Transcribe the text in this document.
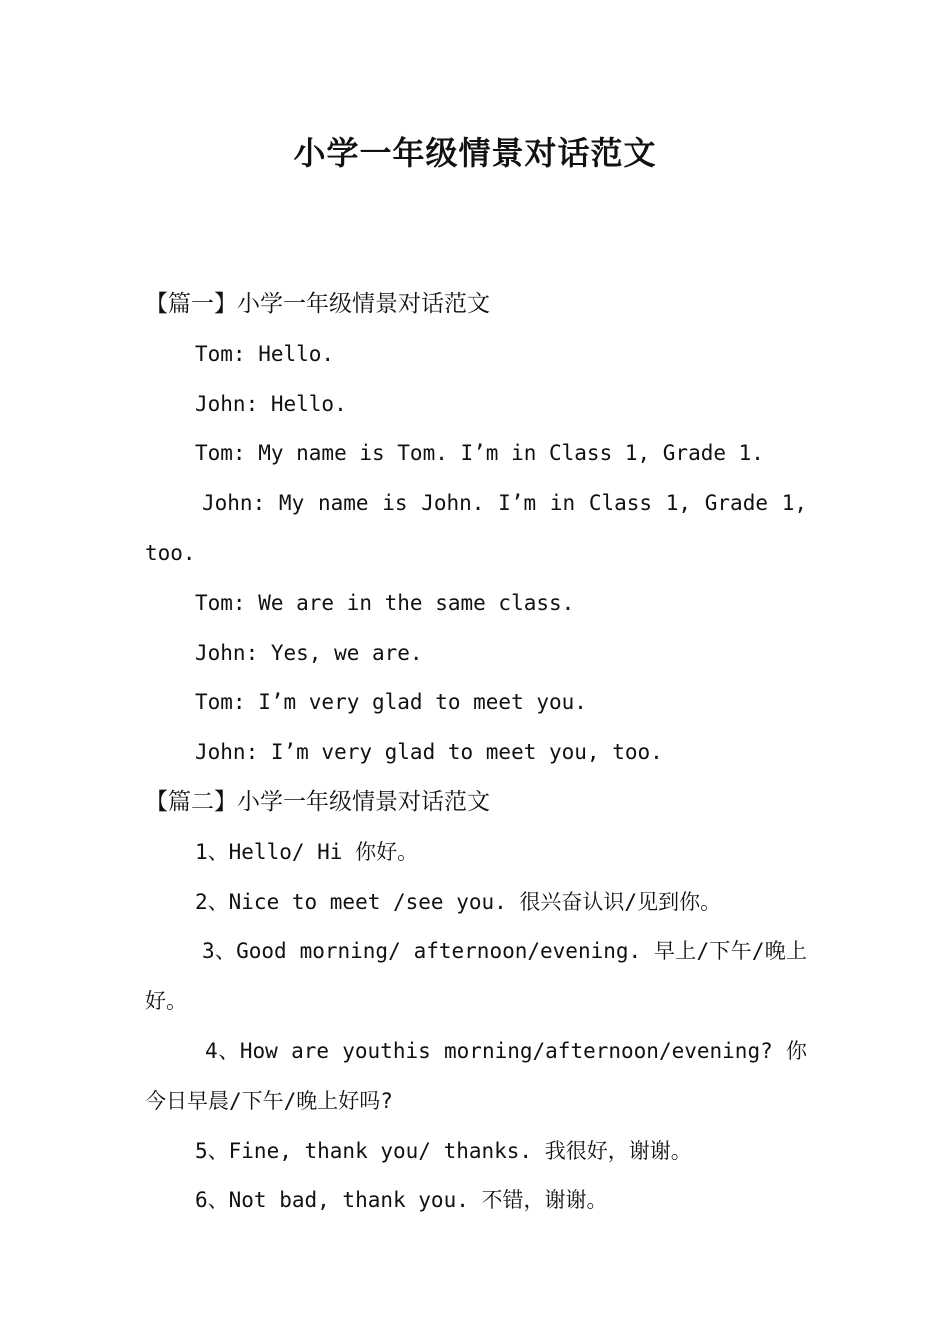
小学一年级情景对话范文

【篇一】小学一年级情景对话范文

Tom: Hello.

John: Hello.

Tom: My name is Tom. I’m in Class 1, Grade 1.

John: My name is John. I’m in Class 1, Grade 1, too.

Tom: We are in the same class.

John: Yes, we are.

Tom: I’m very glad to meet you.

John: I’m very glad to meet you, too.

【篇二】小学一年级情景对话范文

1、Hello/ Hi 你好。

2、Nice to meet /see you. 很兴奋认识/见到你。

3、Good morning/ afternoon/evening. 早上/下午/晚上好。

4、How are youthis morning/afternoon/evening? 你今日早晨/下午/晚上好吗?

5、Fine, thank you/ thanks. 我很好，谢谢。

6、Not bad, thank you. 不错，谢谢。
